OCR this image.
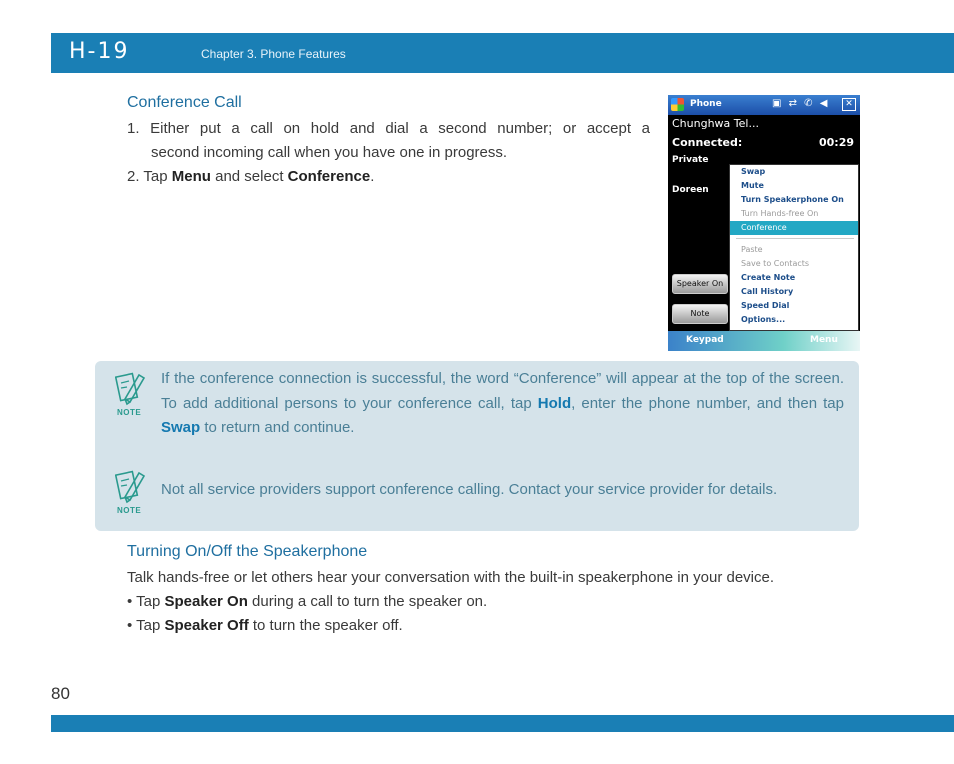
H-19	Chapter 3. Phone Features
Conference Call
1. Either put a call on hold and dial a second number; or accept a
second incoming call when you have one in progress.
2. Tap Menu and select Conference.
Phone	▣ ⇄ ✆ ◀	✕
Chunghwa Tel...
Connected:	00:29
Private
Doreen
Speaker On
Note
Swap
Mute
Turn Speakerphone On
Turn Hands-free On
Conference
Paste
Save to Contacts
Create Note
Call History
Speed Dial
Options...
Keypad	Menu
NOTE
If the conference connection is successful, the word “Conference” will appear at the top of the screen. To add additional persons to your conference call, tap Hold, enter the phone number, and then tap Swap to return and continue.
NOTE
Not all service providers support conference calling. Contact your service provider for details.
Turning On/Off the Speakerphone
Talk hands-free or let others hear your conversation with the built-in speakerphone in your device.
• Tap Speaker On during a call to turn the speaker on.
• Tap Speaker Off to turn the speaker off.
80
